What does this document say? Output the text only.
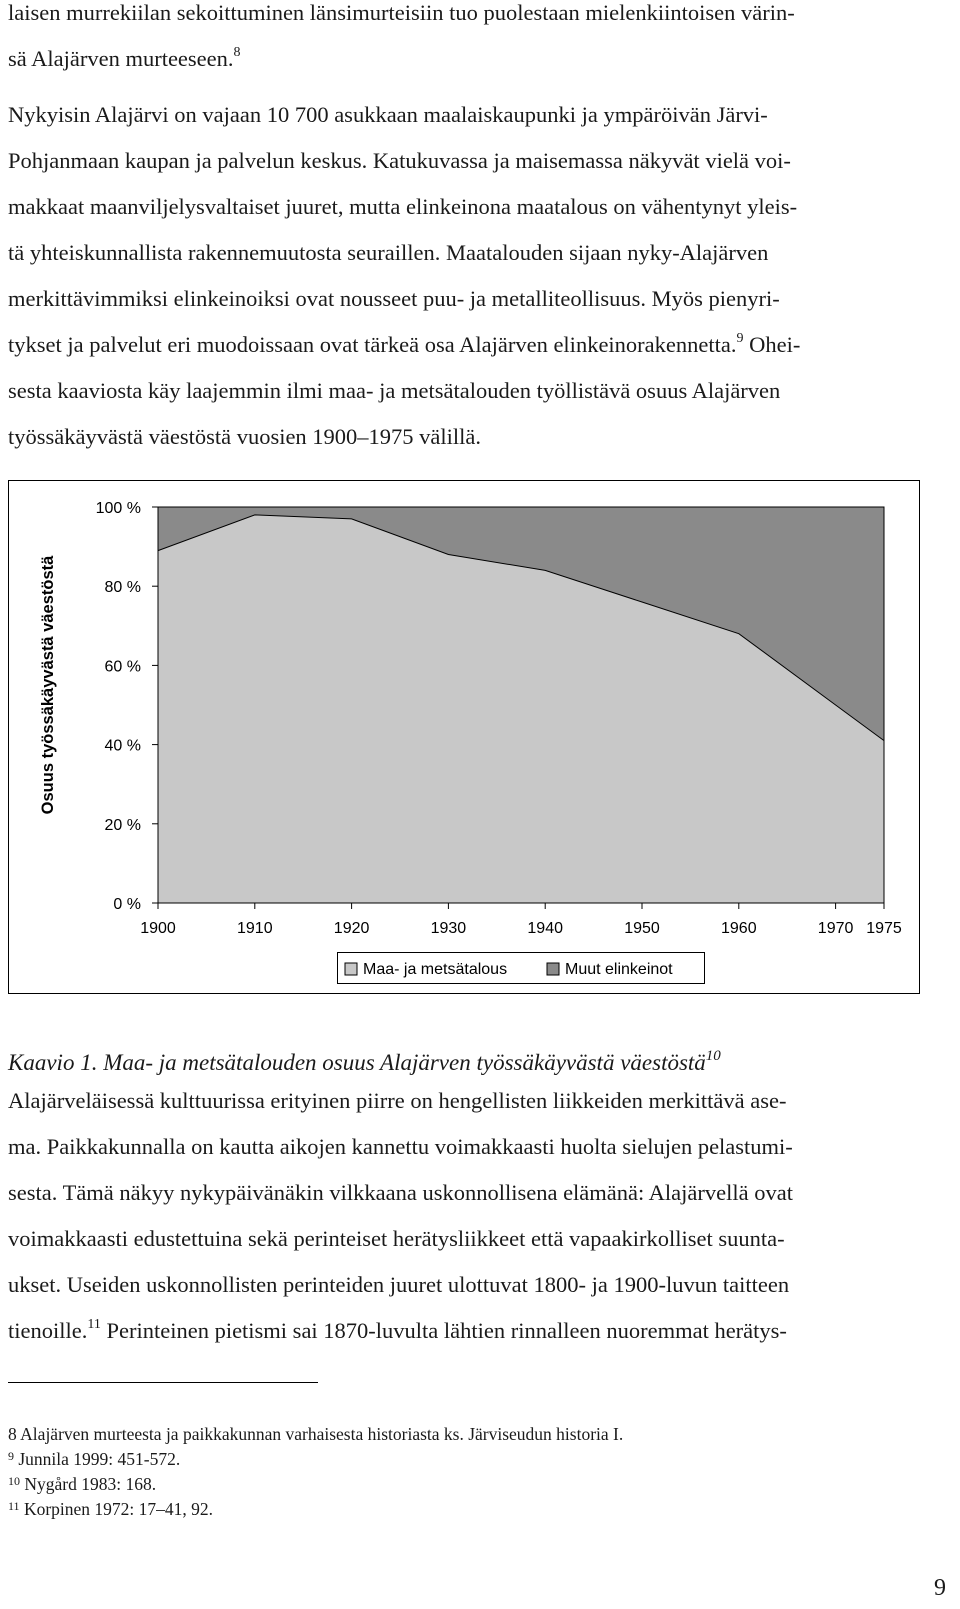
laisen murrekiilan sekoittuminen länsimurteisiin tuo puolestaan mielenkiintoisen värin-
sä Alajärven murteeseen.$^8$
Nykyisin Alajärvi on vajaan 10 700 asukkaan maalaiskaupunki ja ympäröivän Järvi-
Pohjanmaan kaupan ja palvelun keskus. Katukuvassa ja maisemassa näkyvät vielä voi-
makkaat maanviljelysvaltaiset juuret, mutta elinkeinona maatalous on vähentynyt yleis-
tä yhteiskunnallista rakennemuutosta seuraillen. Maatalouden sijaan nyky-Alajärven
merkittävimmiksi elinkeinoiksi ovat nousseet puu- ja metalliteollisuus. Myös pienyri-
tykset ja palvelut eri muodoissaan ovat tärkeä osa Alajärven elinkeinorakennetta.$^9$ Ohei-
sesta kaaviosta käy laajemmin ilmi maa- ja metsätalouden työllistävä osuus Alajärven
työssäkäyvästä väestöstä vuosien 1900–1975 välillä.
0 %
20 %
40 %
60 %
80 %
100 %
1900	1910	1920	1930	1940	1950	1960	1970 1975
Osuus työssäkäyvästä väestöstä
Maa- ja metsätalous	Muut elinkeinot
Kaavio 1. Maa- ja metsätalouden osuus Alajärven työssäkäyvästä väestöstä$^{10}$
Alajärveläisessä kulttuurissa erityinen piirre on hengellisten liikkeiden merkittävä ase-
ma. Paikkakunnalla on kautta aikojen kannettu voimakkaasti huolta sielujen pelastumi-
sesta. Tämä näkyy nykypäivänäkin vilkkaana uskonnollisena elämänä: Alajärvellä ovat
voimakkaasti edustettuina sekä perinteiset herätysliikkeet että vapaakirkolliset suunta-
ukset. Useiden uskonnollisten perinteiden juuret ulottuvat 1800- ja 1900-luvun taitteen
tienoille.$^{11}$ Perinteinen pietismi sai 1870-luvulta lähtien rinnalleen nuoremmat herätys-
8 Alajärven murteesta ja paikkakunnan varhaisesta historiasta ks. Järviseudun historia I.
$^9$ Junnila 1999: 451-572.
$^{10}$ Nygård 1983: 168.
$^{11}$ Korpinen 1972: 17–41, 92.
9
